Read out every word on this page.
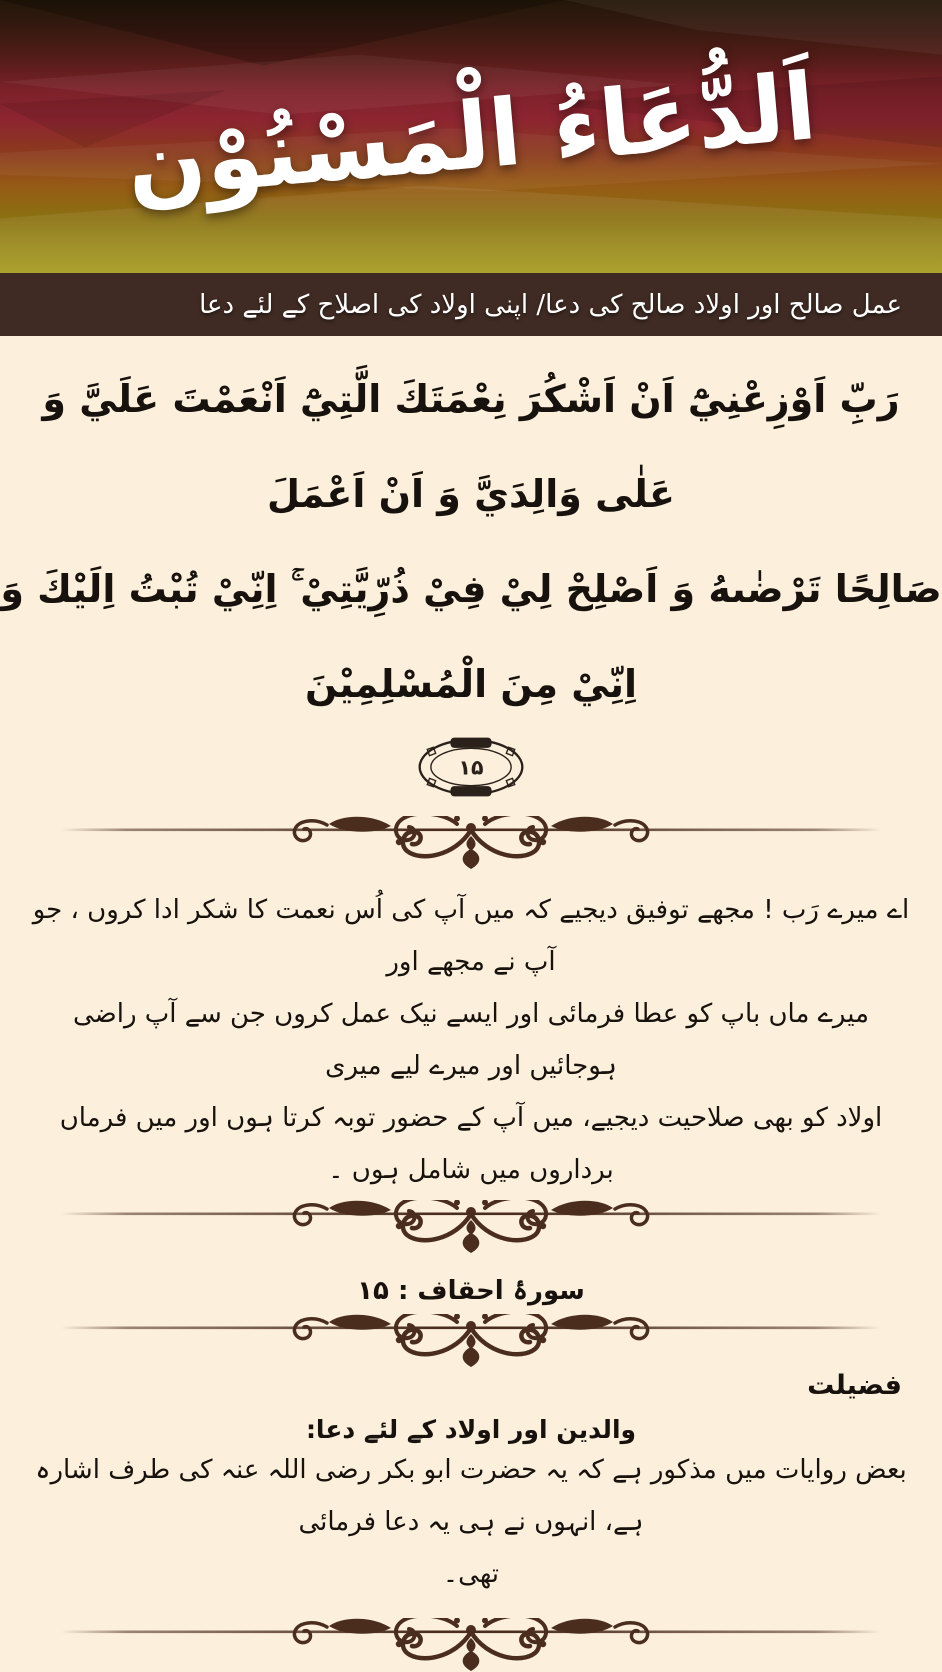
اَلدُّعَاءُ الْمَسْنُوْن
عمل صالح اور اولاد صالح کی دعا/ اپنی اولاد کی اصلاح کے لئے دعا
رَبِّ اَوْزِعْنِيْٓ اَنْ اَشْكُرَ نِعْمَتَكَ الَّتِيْٓ اَنْعَمْتَ عَلَيَّ وَ عَلٰى وَالِدَيَّ وَ اَنْ اَعْمَلَ
صَالِحًا تَرْضٰىهُ وَ اَصْلِحْ لِيْ فِيْ ذُرِّيَّتِيْ ۚ اِنِّيْ تُبْتُ اِلَيْكَ وَ اِنِّيْ مِنَ الْمُسْلِمِيْنَ
۱۵
اے میرے رَب ! مجھے توفیق دیجیے کہ میں آپ کی اُس نعمت کا شکر ادا کروں ، جو آپ نے مجھے اور
میرے ماں باپ کو عطا فرمائی اور ایسے نیک عمل کروں جن سے آپ راضی ہوجائیں اور میرے لیے میری
اولاد کو بھی صلاحیت دیجیے، میں آپ کے حضور توبہ کرتا ہوں اور میں فرماں برداروں میں شامل ہوں ۔
سورۂ احقاف : ۱۵
فضیلت
والدین اور اولاد کے لئے دعا:
بعض روایات میں مذکور ہے کہ یہ حضرت ابو بکر رضی اللہ عنہ کی طرف اشارہ ہے، انہوں نے ہی یہ دعا فرمائی
تھی۔
